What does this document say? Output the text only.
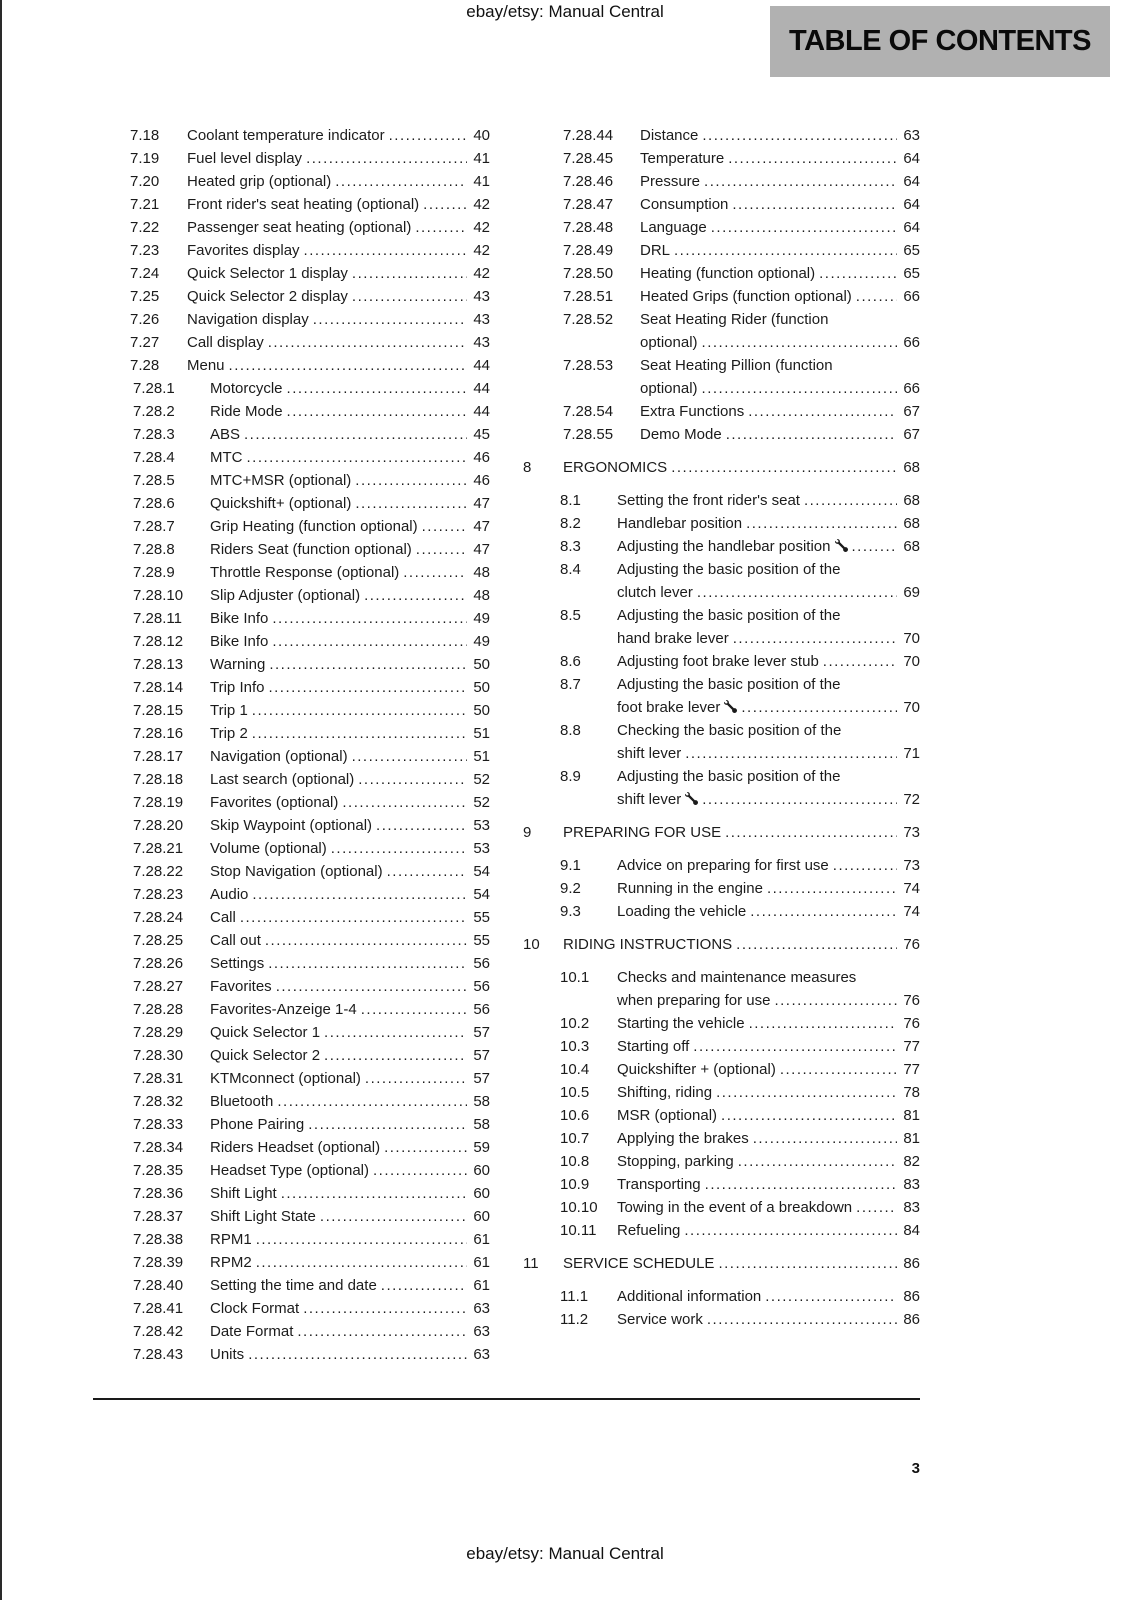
ebay/etsy: Manual Central
TABLE OF CONTENTS
7.18	Coolant temperature indicator .....	40
7.19	Fuel level display .....	41
7.20	Heated grip (optional) .....	41
7.21	Front rider's seat heating (optional) .....	42
7.22	Passenger seat heating (optional) .....	42
7.23	Favorites display .....	42
7.24	Quick Selector 1 display .....	42
7.25	Quick Selector 2 display .....	43
7.26	Navigation display .....	43
7.27	Call display .....	43
7.28	Menu .....	44
7.28.1	Motorcycle .....	44
7.28.2	Ride Mode .....	44
7.28.3	ABS .....	45
7.28.4	MTC .....	46
7.28.5	MTC+MSR (optional) .....	46
7.28.6	Quickshift+ (optional) .....	47
7.28.7	Grip Heating (function optional) .....	47
7.28.8	Riders Seat (function optional) .....	47
7.28.9	Throttle Response (optional) .....	48
7.28.10	Slip Adjuster (optional) .....	48
7.28.11	Bike Info .....	49
7.28.12	Bike Info .....	49
7.28.13	Warning .....	50
7.28.14	Trip Info .....	50
7.28.15	Trip 1 .....	50
7.28.16	Trip 2 .....	51
7.28.17	Navigation (optional) .....	51
7.28.18	Last search (optional) .....	52
7.28.19	Favorites (optional) .....	52
7.28.20	Skip Waypoint (optional) .....	53
7.28.21	Volume (optional) .....	53
7.28.22	Stop Navigation (optional) .....	54
7.28.23	Audio .....	54
7.28.24	Call .....	55
7.28.25	Call out .....	55
7.28.26	Settings .....	56
7.28.27	Favorites .....	56
7.28.28	Favorites-Anzeige 1-4 .....	56
7.28.29	Quick Selector 1 .....	57
7.28.30	Quick Selector 2 .....	57
7.28.31	KTMconnect (optional) .....	57
7.28.32	Bluetooth .....	58
7.28.33	Phone Pairing .....	58
7.28.34	Riders Headset (optional) .....	59
7.28.35	Headset Type (optional) .....	60
7.28.36	Shift Light .....	60
7.28.37	Shift Light State .....	60
7.28.38	RPM1 .....	61
7.28.39	RPM2 .....	61
7.28.40	Setting the time and date .....	61
7.28.41	Clock Format .....	63
7.28.42	Date Format .....	63
7.28.43	Units .....	63
7.28.44	Distance .....	63
7.28.45	Temperature .....	64
7.28.46	Pressure .....	64
7.28.47	Consumption .....	64
7.28.48	Language .....	64
7.28.49	DRL .....	65
7.28.50	Heating (function optional) .....	65
7.28.51	Heated Grips (function optional) .....	66
7.28.52	Seat Heating Rider (function
optional) .....	66
7.28.53	Seat Heating Pillion (function
optional) .....	66
7.28.54	Extra Functions .....	67
7.28.55	Demo Mode .....	67
8	ERGONOMICS .....	68
8.1	Setting the front rider's seat .....	68
8.2	Handlebar position .....	68
8.3	Adjusting the handlebar position .....	68
8.4	Adjusting the basic position of the
clutch lever .....	69
8.5	Adjusting the basic position of the
hand brake lever .....	70
8.6	Adjusting foot brake lever stub .....	70
8.7	Adjusting the basic position of the
foot brake lever .....	70
8.8	Checking the basic position of the
shift lever .....	71
8.9	Adjusting the basic position of the
shift lever .....	72
9	PREPARING FOR USE .....	73
9.1	Advice on preparing for first use .....	73
9.2	Running in the engine .....	74
9.3	Loading the vehicle .....	74
10	RIDING INSTRUCTIONS .....	76
10.1	Checks and maintenance measures
when preparing for use .....	76
10.2	Starting the vehicle .....	76
10.3	Starting off .....	77
10.4	Quickshifter + (optional) .....	77
10.5	Shifting, riding .....	78
10.6	MSR (optional) .....	81
10.7	Applying the brakes .....	81
10.8	Stopping, parking .....	82
10.9	Transporting .....	83
10.10	Towing in the event of a breakdown .....	83
10.11	Refueling .....	84
11	SERVICE SCHEDULE .....	86
11.1	Additional information .....	86
11.2	Service work .....	86
3
ebay/etsy: Manual Central
